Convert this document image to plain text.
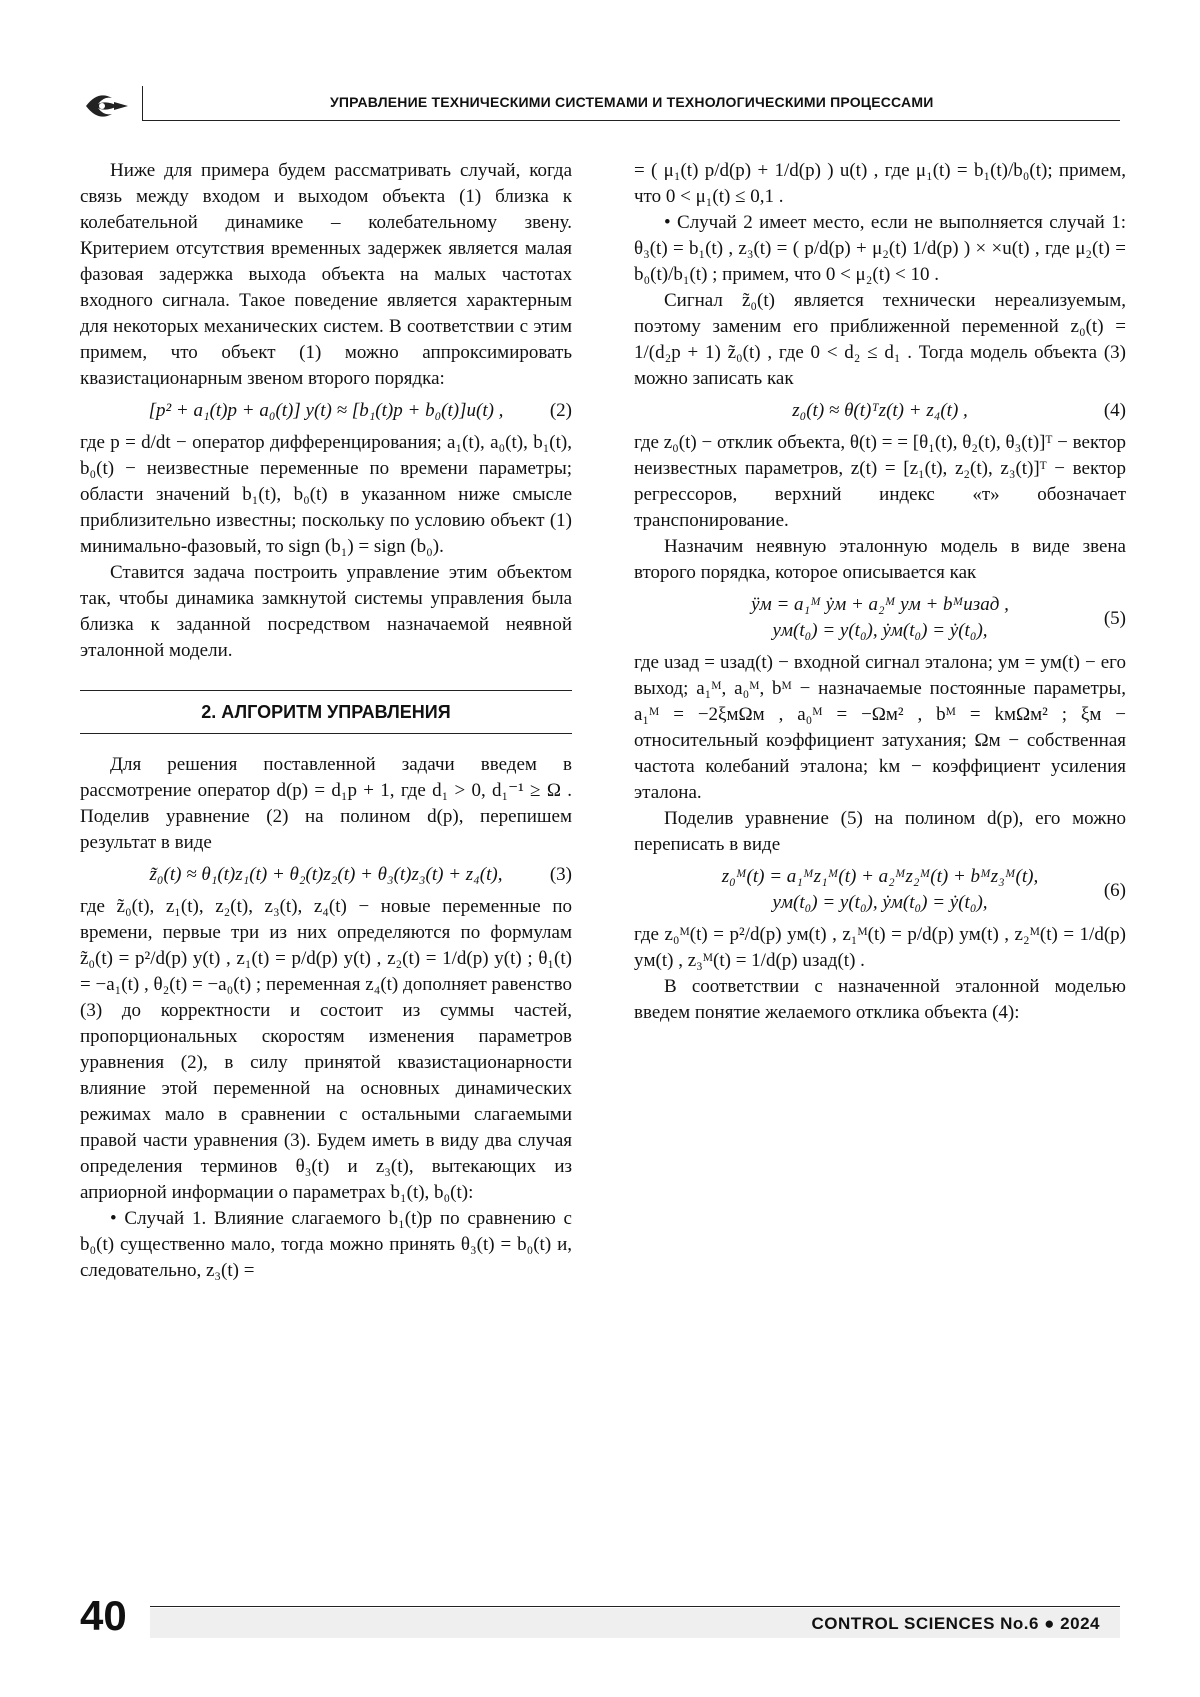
УПРАВЛЕНИЕ ТЕХНИЧЕСКИМИ СИСТЕМАМИ И ТЕХНОЛОГИЧЕСКИМИ ПРОЦЕССАМИ

Ниже для примера будем рассматривать случай, когда связь между входом и выходом объекта (1) близка к колебательной динамике – колебательному звену. Критерием отсутствия временных задержек является малая фазовая задержка выхода объекта на малых частотах входного сигнала. Такое поведение является характерным для некоторых механических систем. В соответствии с этим примем, что объект (1) можно аппроксимировать квазистационарным звеном второго порядка:

[p² + a₁(t)p + a₀(t)] y(t) ≈ [b₁(t)p + b₀(t)]u(t) , (2)

где p = d/dt − оператор дифференцирования; a₁(t), a₀(t), b₁(t), b₀(t) − неизвестные переменные по времени параметры; области значений b₁(t), b₀(t) в указанном ниже смысле приблизительно известны; поскольку по условию объект (1) минимально-фазовый, то sign (b₁) = sign (b₀).

Ставится задача построить управление этим объектом так, чтобы динамика замкнутой системы управления была близка к заданной посредством назначаемой неявной эталонной модели.

2. АЛГОРИТМ УПРАВЛЕНИЯ

Для решения поставленной задачи введем в рассмотрение оператор d(p) = d₁p + 1, где d₁ > 0, d₁⁻¹ ≥ Ω . Поделив уравнение (2) на полином d(p), перепишем результат в виде

z̃₀(t) ≈ θ₁(t)z₁(t) + θ₂(t)z₂(t) + θ₃(t)z₃(t) + z₄(t), (3)

где z̃₀(t), z₁(t), z₂(t), z₃(t), z₄(t) − новые переменные по времени, первые три из них определяются по формулам z̃₀(t) = p²/d(p) y(t) , z₁(t) = p/d(p) y(t) , z₂(t) = 1/d(p) y(t) ; θ₁(t) = −a₁(t) , θ₂(t) = −a₀(t) ; переменная z₄(t) дополняет равенство (3) до корректности и состоит из суммы частей, пропорциональных скоростям изменения параметров уравнения (2), в силу принятой квазистационарности влияние этой переменной на основных динамических режимах мало в сравнении с остальными слагаемыми правой части уравнения (3). Будем иметь в виду два случая определения терминов θ₃(t) и z₃(t), вытекающих из априорной информации о параметрах b₁(t), b₀(t):

• Случай 1. Влияние слагаемого b₁(t)p по сравнению с b₀(t) существенно мало, тогда можно принять θ₃(t) = b₀(t) и, следовательно, z₃(t) =

= ( μ₁(t) p/d(p) + 1/d(p) ) u(t) , где μ₁(t) = b₁(t)/b₀(t); примем, что 0 < μ₁(t) ≤ 0,1 .

• Случай 2 имеет место, если не выполняется случай 1: θ₃(t) = b₁(t) , z₃(t) = ( p/d(p) + μ₂(t) 1/d(p) ) × ×u(t) , где μ₂(t) = b₀(t)/b₁(t) ; примем, что 0 < μ₂(t) < 10 .

Сигнал z̃₀(t) является технически нереализуемым, поэтому заменим его приближенной переменной z₀(t) = 1/(d₂p + 1) z̃₀(t) , где 0 < d₂ ≤ d₁ . Тогда модель объекта (3) можно записать как

z₀(t) ≈ θ(t)ᵀz(t) + z₄(t) ,	(4)

где z₀(t) − отклик объекта, θ(t) = = [θ₁(t), θ₂(t), θ₃(t)]ᵀ − вектор неизвестных параметров, z(t) = [z₁(t), z₂(t), z₃(t)]ᵀ − вектор регрессоров, верхний индекс «т» обозначает транспонирование.

Назначим неявную эталонную модель в виде звена второго порядка, которое описывается как

ÿм = a₁ᴹ ẏм + a₂ᴹ yм + bᴹuзад ,
yм(t₀) = y(t₀), ẏм(t₀) = ẏ(t₀),
(5)

где uзад = uзад(t) − входной сигнал эталона; yм = yм(t) − его выход; a₁ᴹ, a₀ᴹ, bᴹ − назначаемые постоянные параметры, a₁ᴹ = −2ξмΩм , a₀ᴹ = −Ωм² , bᴹ = kмΩм² ; ξм − относительный коэффициент затухания; Ωм − собственная частота колебаний эталона; kм − коэффициент усиления эталона.

Поделив уравнение (5) на полином d(p), его можно переписать в виде

z₀ᴹ(t) = a₁ᴹz₁ᴹ(t) + a₂ᴹz₂ᴹ(t) + bᴹz₃ᴹ(t),
yм(t₀) = y(t₀), ẏм(t₀) = ẏ(t₀),
(6)

где z₀ᴹ(t) = p²/d(p) yм(t) , z₁ᴹ(t) = p/d(p) yм(t) , z₂ᴹ(t) = 1/d(p) yм(t) , z₃ᴹ(t) = 1/d(p) uзад(t) .

В соответствии с назначенной эталонной моделью введем понятие желаемого отклика объекта (4):

40	CONTROL SCIENCES No.6 ● 2024
